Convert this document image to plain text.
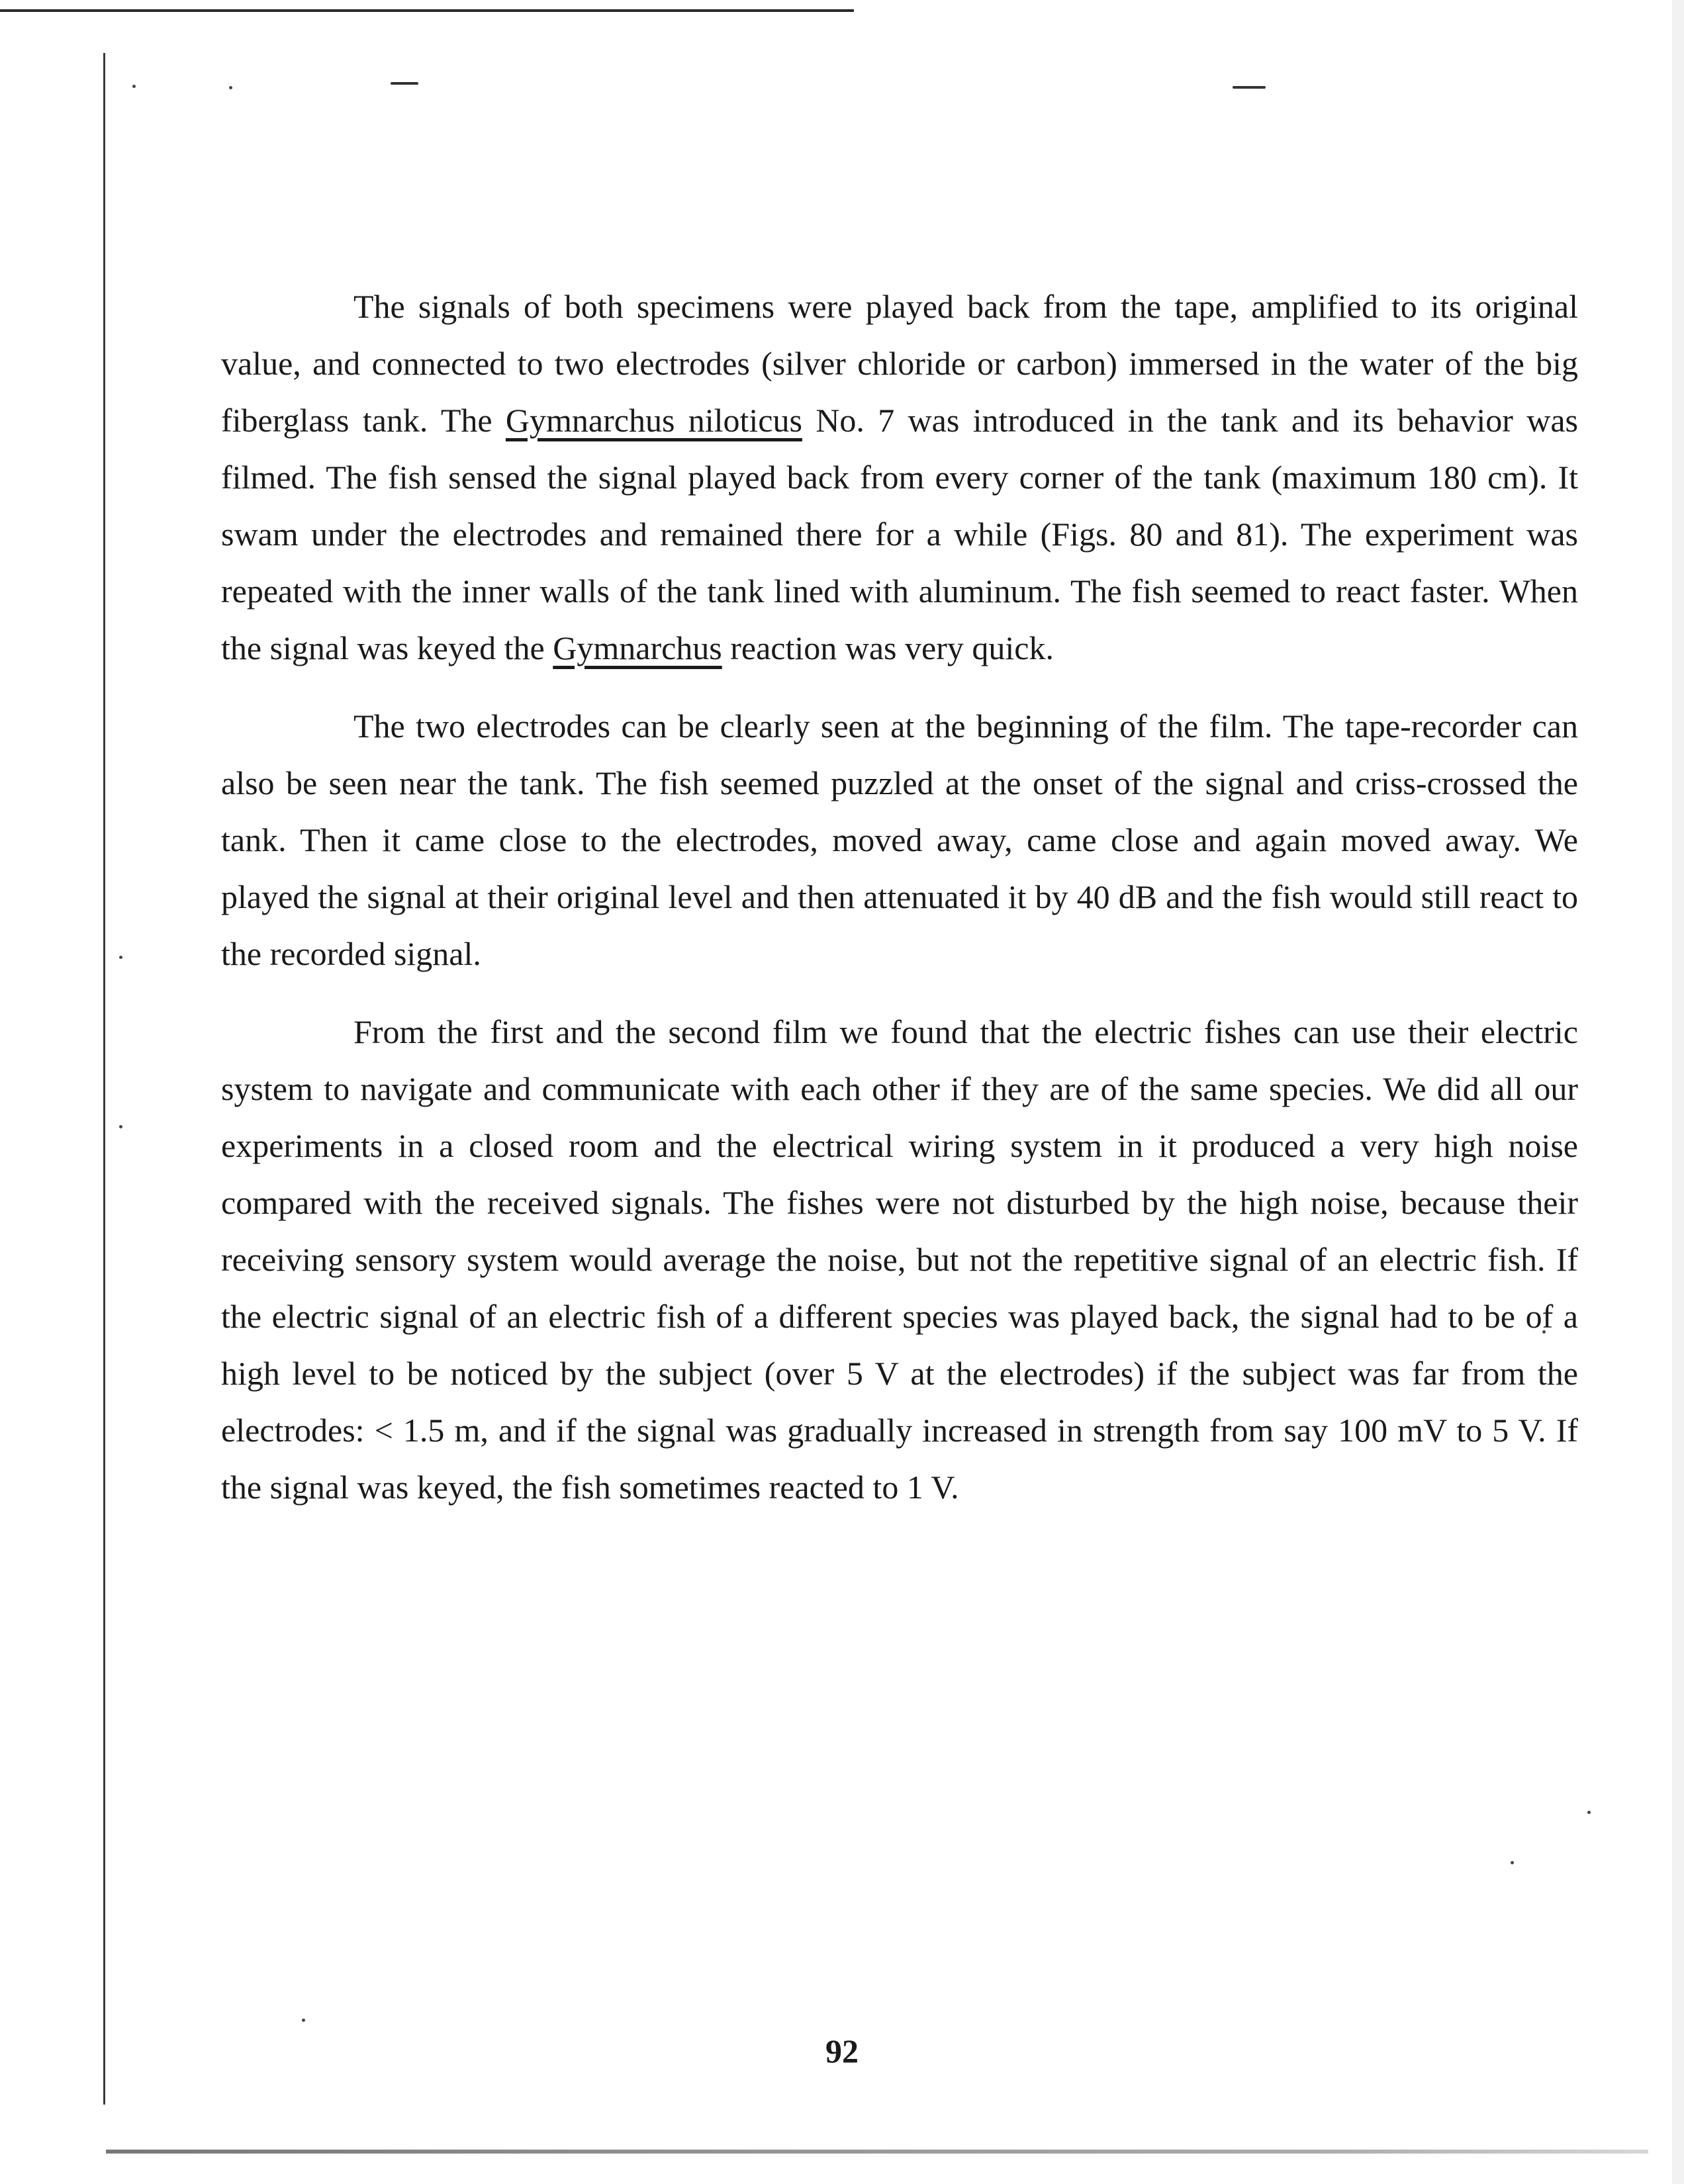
The signals of both specimens were played back from the tape, amplified to its original value, and connected to two electrodes (silver chloride or carbon) immersed in the water of the big fiberglass tank. The Gymnarchus niloticus No. 7 was introduced in the tank and its behavior was filmed. The fish sensed the signal played back from every corner of the tank (maximum 180 cm). It swam under the electrodes and remained there for a while (Figs. 80 and 81). The experiment was repeated with the inner walls of the tank lined with aluminum. The fish seemed to react faster. When the signal was keyed the Gymnarchus reaction was very quick.

The two electrodes can be clearly seen at the beginning of the film. The tape-recorder can also be seen near the tank. The fish seemed puzzled at the onset of the signal and criss-crossed the tank. Then it came close to the electrodes, moved away, came close and again moved away. We played the signal at their original level and then attenuated it by 40 dB and the fish would still react to the recorded signal.

From the first and the second film we found that the electric fishes can use their electric system to navigate and communicate with each other if they are of the same species. We did all our experiments in a closed room and the electrical wiring system in it produced a very high noise compared with the received signals. The fishes were not disturbed by the high noise, because their receiving sensory system would average the noise, but not the repetitive signal of an electric fish. If the electric signal of an electric fish of a different species was played back, the signal had to be of a high level to be noticed by the subject (over 5 V at the electrodes) if the subject was far from the electrodes: < 1.5 m, and if the signal was gradually increased in strength from say 100 mV to 5 V. If the signal was keyed, the fish sometimes reacted to 1 V.

92
